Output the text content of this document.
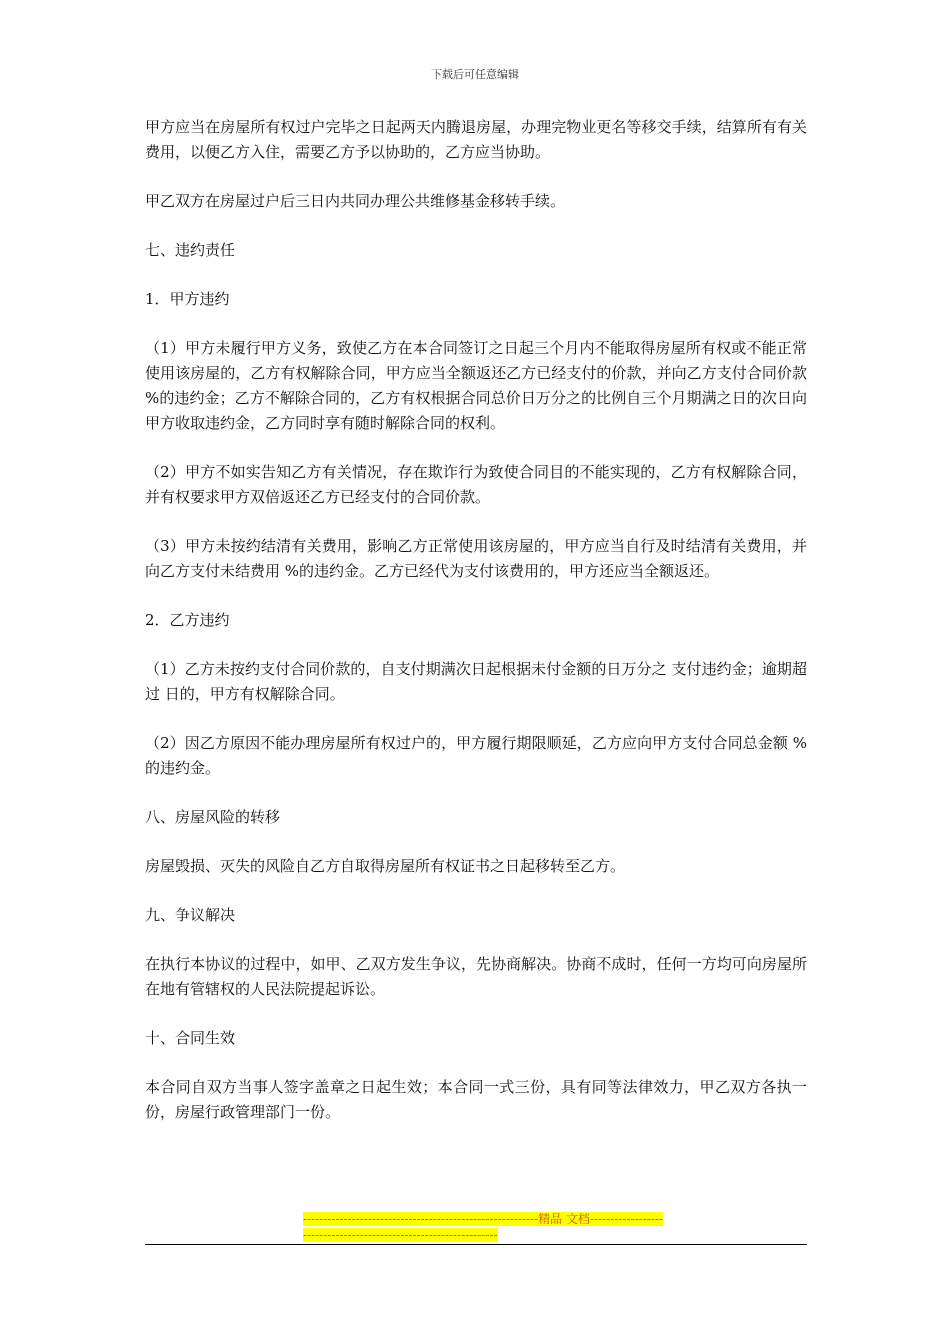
下载后可任意编辑

甲方应当在房屋所有权过户完毕之日起两天内腾退房屋，办理完物业更名等移交手续，结算所有有关费用，以便乙方入住，需要乙方予以协助的，乙方应当协助。

甲乙双方在房屋过户后三日内共同办理公共维修基金移转手续。

七、违约责任

1．甲方违约

（1）甲方未履行甲方义务，致使乙方在本合同签订之日起三个月内不能取得房屋所有权或不能正常使用该房屋的，乙方有权解除合同，甲方应当全额返还乙方已经支付的价款，并向乙方支付合同价款 %的违约金；乙方不解除合同的，乙方有权根据合同总价日万分之的比例自三个月期满之日的次日向甲方收取违约金，乙方同时享有随时解除合同的权利。

（2）甲方不如实告知乙方有关情况，存在欺诈行为致使合同目的不能实现的，乙方有权解除合同，并有权要求甲方双倍返还乙方已经支付的合同价款。

（3）甲方未按约结清有关费用，影响乙方正常使用该房屋的，甲方应当自行及时结清有关费用，并向乙方支付未结费用 %的违约金。乙方已经代为支付该费用的，甲方还应当全额返还。

2．乙方违约

（1）乙方未按约支付合同价款的，自支付期满次日起根据未付金额的日万分之 支付违约金；逾期超过 日的，甲方有权解除合同。

（2）因乙方原因不能办理房屋所有权过户的，甲方履行期限顺延，乙方应向甲方支付合同总金额 %的违约金。

八、房屋风险的转移

房屋毁损、灭失的风险自乙方自取得房屋所有权证书之日起移转至乙方。

九、争议解决

在执行本协议的过程中，如甲、乙双方发生争议，先协商解决。协商不成时，任何一方均可向房屋所在地有管辖权的人民法院提起诉讼。

十、合同生效

本合同自双方当事人签字盖章之日起生效；本合同一式三份，具有同等法律效力，甲乙双方各执一份，房屋行政管理部门一份。

----------------------------------------------------------精品 文档------------------------------------------------------------------
